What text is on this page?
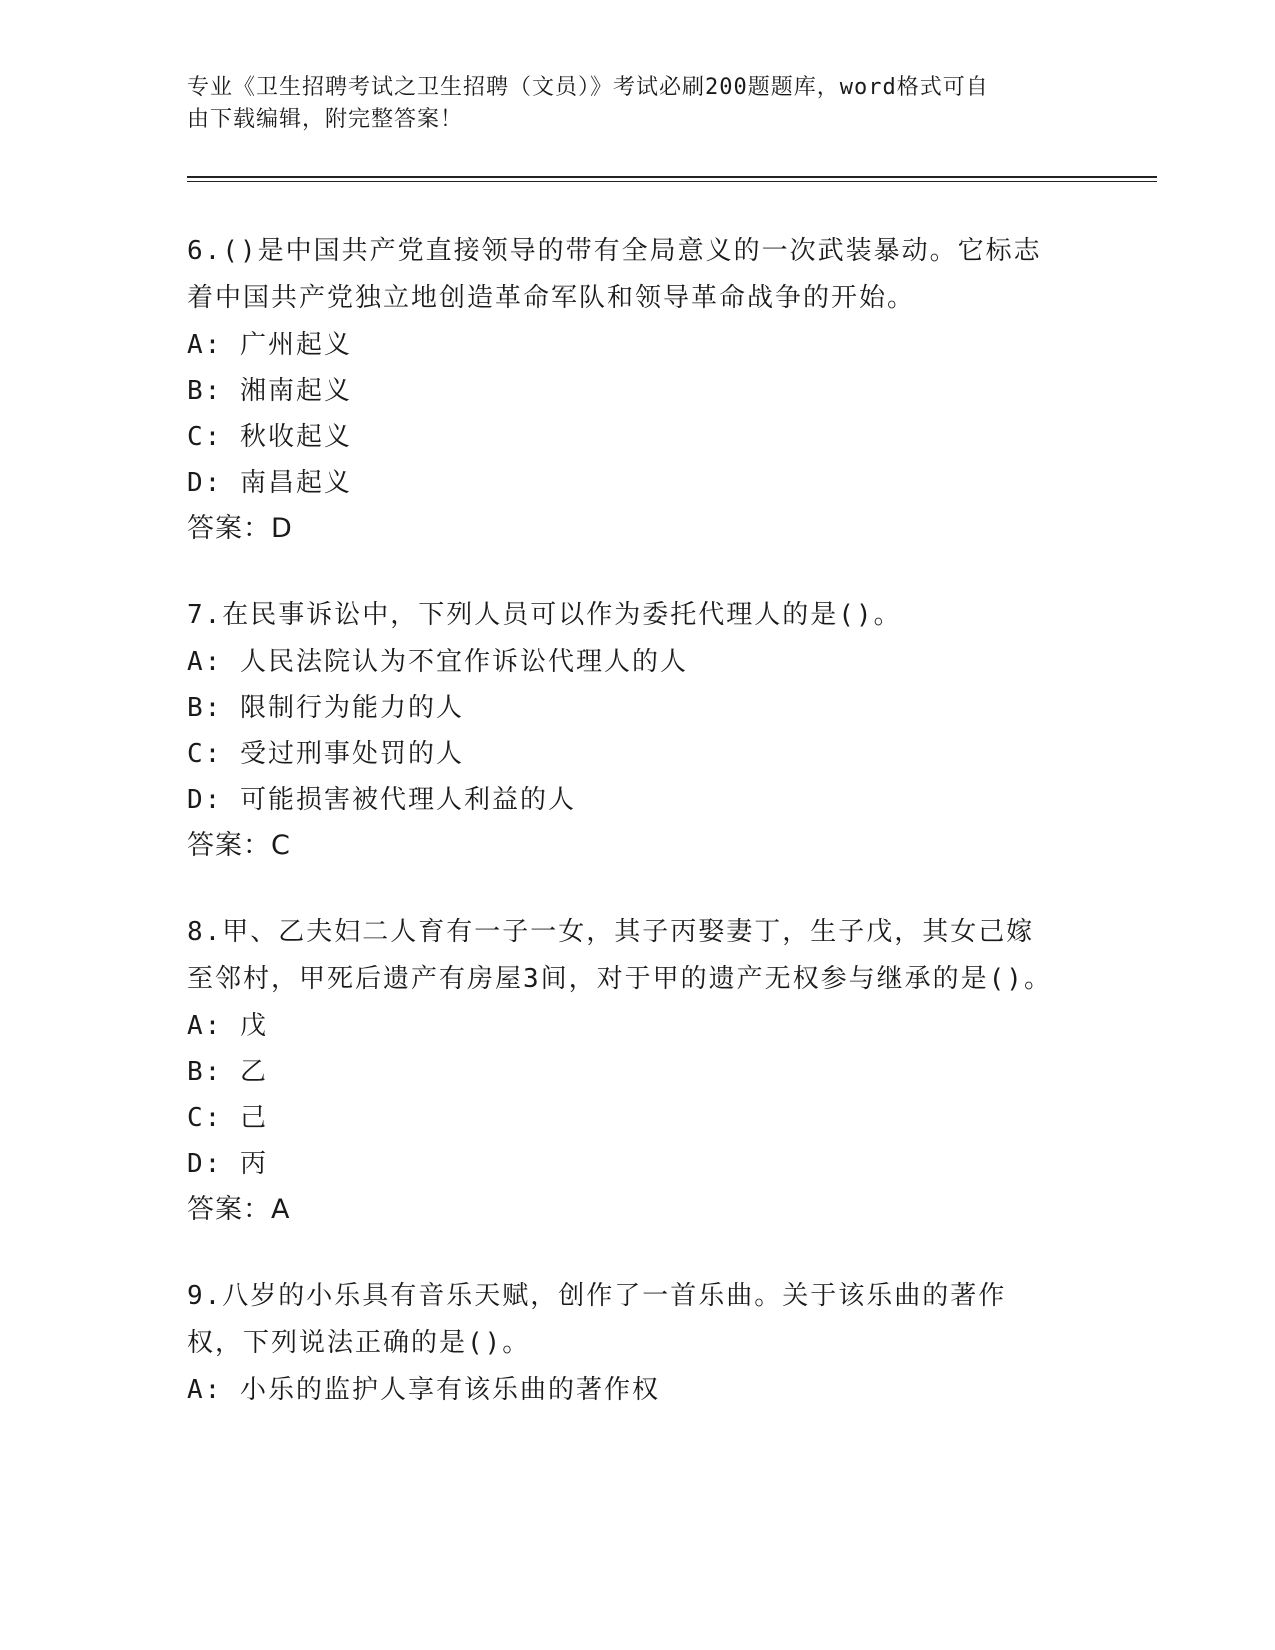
专业《卫生招聘考试之卫生招聘（文员）》考试必刷200题题库，word格式可自
由下载编辑，附完整答案！
6.()是中国共产党直接领导的带有全局意义的一次武装暴动。它标志着中国共产党独立地创造革命军队和领导革命战争的开始。
A: 广州起义
B: 湘南起义
C: 秋收起义
D: 南昌起义
答案：D
7.在民事诉讼中，下列人员可以作为委托代理人的是()。
A: 人民法院认为不宜作诉讼代理人的人
B: 限制行为能力的人
C: 受过刑事处罚的人
D: 可能损害被代理人利益的人
答案：C
8.甲、乙夫妇二人育有一子一女，其子丙娶妻丁，生子戊，其女己嫁至邻村，甲死后遗产有房屋3间，对于甲的遗产无权参与继承的是()。
A: 戊
B: 乙
C: 己
D: 丙
答案：A
9.八岁的小乐具有音乐天赋，创作了一首乐曲。关于该乐曲的著作权，下列说法正确的是()。
A: 小乐的监护人享有该乐曲的著作权
